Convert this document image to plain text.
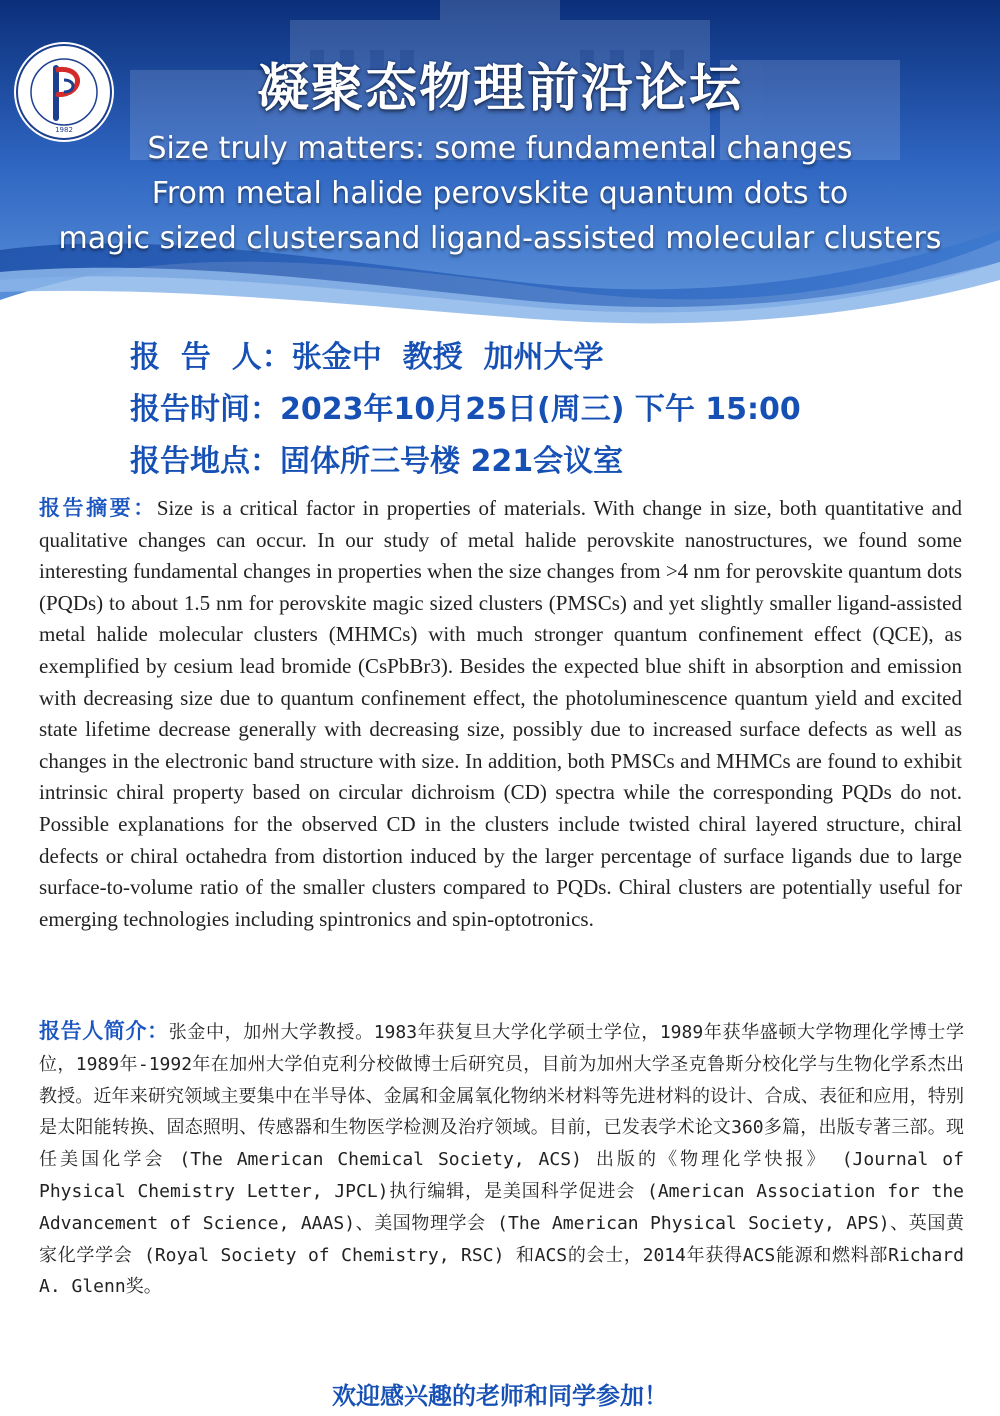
1982
凝聚态物理前沿论坛
Size truly matters: some fundamental changes
From metal halide perovskite quantum dots to
magic sized clustersand ligand-assisted molecular clusters
报  告  人：张金中  教授  加州大学
报告时间：2023年10月25日(周三) 下午 15:00
报告地点：固体所三号楼 221会议室
报告摘要：Size is a critical factor in properties of materials. With change in size, both quantitative and qualitative changes can occur. In our study of metal halide perovskite nanostructures, we found some interesting fundamental changes in properties when the size changes from >4 nm for perovskite quantum dots (PQDs) to about 1.5 nm for perovskite magic sized clusters (PMSCs) and yet slightly smaller ligand-assisted metal halide molecular clusters (MHMCs) with much stronger quantum confinement effect (QCE), as exemplified by cesium lead bromide (CsPbBr3). Besides the expected blue shift in absorption and emission with decreasing size due to quantum confinement effect, the photoluminescence quantum yield and excited state lifetime decrease generally with decreasing size, possibly due to increased surface defects as well as changes in the electronic band structure with size. In addition, both PMSCs and MHMCs are found to exhibit intrinsic chiral property based on circular dichroism (CD) spectra while the corresponding PQDs do not. Possible explanations for the observed CD in the clusters include twisted chiral layered structure, chiral defects or chiral octahedra from distortion induced by the larger percentage of surface ligands due to large surface-to-volume ratio of the smaller clusters compared to PQDs. Chiral clusters are potentially useful for emerging technologies including spintronics and spin-optotronics.
报告人简介：张金中，加州大学教授。1983年获复旦大学化学硕士学位，1989年获华盛顿大学物理化学博士学位，1989年-1992年在加州大学伯克利分校做博士后研究员，目前为加州大学圣克鲁斯分校化学与生物化学系杰出教授。近年来研究领域主要集中在半导体、金属和金属氧化物纳米材料等先进材料的设计、合成、表征和应用，特别是太阳能转换、固态照明、传感器和生物医学检测及治疗领域。目前，已发表学术论文360多篇，出版专著三部。现任美国化学会 (The American Chemical Society, ACS) 出版的《物理化学快报》 (Journal of Physical Chemistry Letter, JPCL)执行编辑，是美国科学促进会 (American Association for the Advancement of Science, AAAS)、美国物理学会 (The American Physical Society, APS)、英国黄家化学学会 (Royal Society of Chemistry, RSC) 和ACS的会士，2014年获得ACS能源和燃料部Richard A. Glenn奖。
欢迎感兴趣的老师和同学参加！
